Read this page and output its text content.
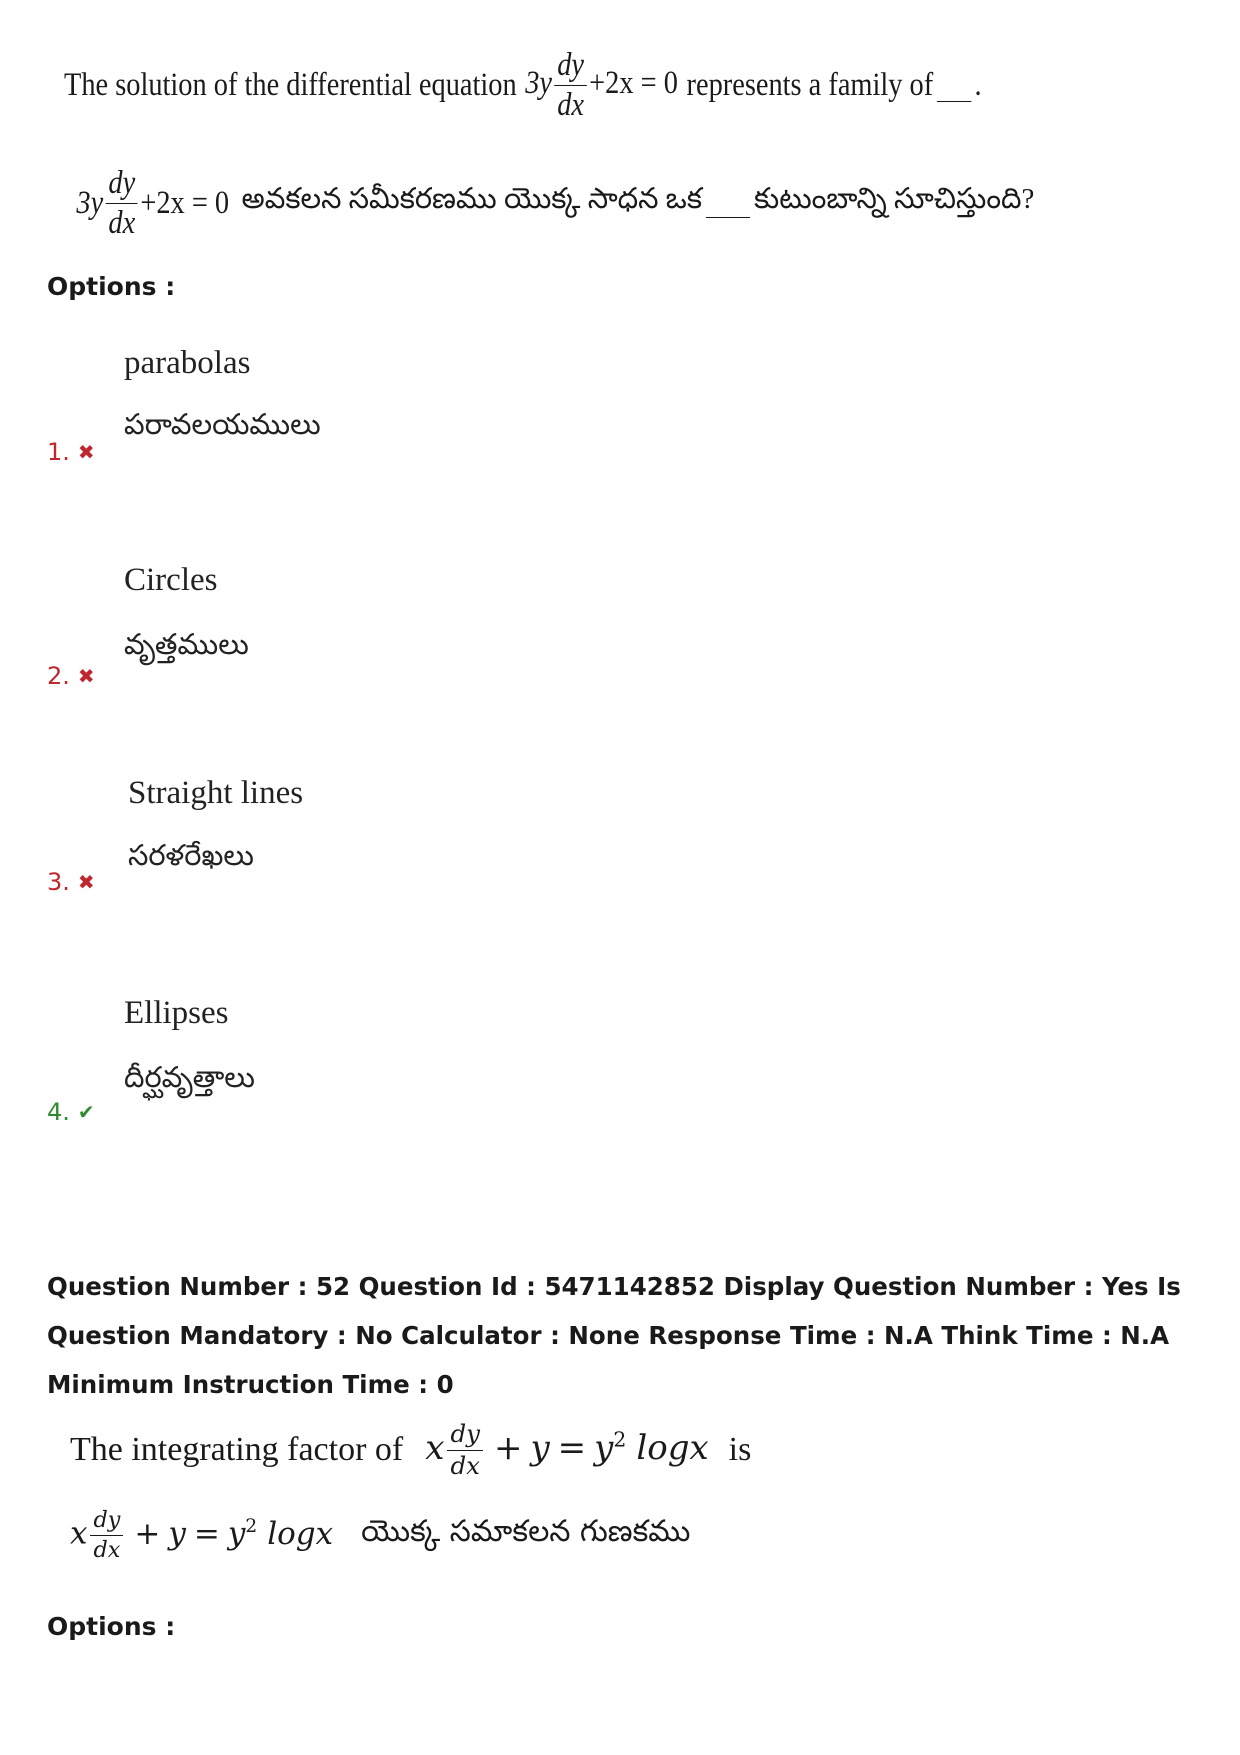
The solution of the differential equation $3y \frac{dy}{dx} +2x = 0$ represents a family of .
$3y \frac{dy}{dx} +2x = 0$ అవకలన సమీకరణము యొక్క సాధన ఒక కుటుంబాన్ని సూచిస్తుంది?
Options :
parabolas
పరావలయములు
1. ✖
Circles
వృత్తములు
2. ✖
Straight lines
సరళరేఖలు
3. ✖
Ellipses
దీర్ఘవృత్తాలు
4. ✔
Question Number : 52 Question Id : 5471142852 Display Question Number : Yes Is Question Mandatory : No Calculator : None Response Time : N.A Think Time : N.A Minimum Instruction Time : 0
The integrating factor of x $\frac{dy}{dx} + y = y^2$ logx is
x $\frac{dy}{dx} + y = y^2$ logx యొక్క సమాకలన గుణకము
Options :
